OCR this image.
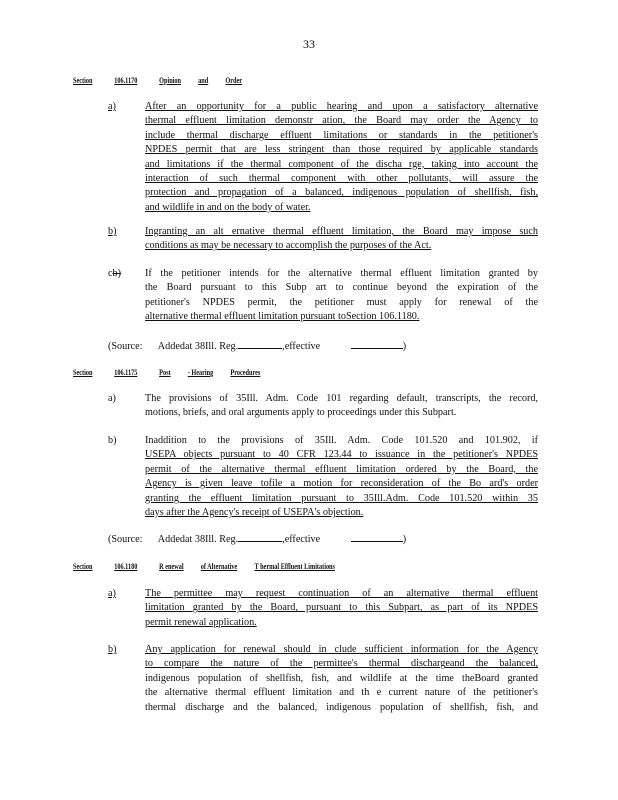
33
Section	106.1170	Opinion and Order
a)	After an opportunity for a public hearing and upon a satisfactory alternative
thermal effluent limitation demonstr ation, the Board may order the Agency to
include thermal discharge effluent limitations or standards in the petitioner's
NPDES permit that are less stringent than those required by applicable standards
and limitations if the thermal component of the discha rge, taking into account the
interaction of such thermal component with other pollutants, will assure the
protection and propagation of a balanced, indigenous population of shellfish, fish,
and wildlife in and on the body of water.
b)	Ingranting an alt ernative thermal effluent limitation, the Board may impose such
conditions as may be necessary to accomplish the purposes of the Act.
cb)	If the petitioner intends for the alternative thermal effluent limitation granted by
the Board pursuant to this Subp art to continue beyond the expiration of the
petitioner's NPDES permit, the petitioner must apply for renewal of the
alternative thermal effluent limitation pursuant toSection 106.1180.
(Source: Addedat 38Ill. Reg.	,effective	)
Section	106.1175	Post - Hearing Procedures
a)	The provisions of 35Ill. Adm. Code 101 regarding default, transcripts, the record,
motions, briefs, and oral arguments apply to proceedings under this Subpart.
b)	Inaddition to the provisions of 35Ill. Adm. Code 101.520 and 101.902, if
USEPA objects pursuant to 40 CFR 123.44 to issuance in the petitioner's NPDES
permit of the alternative thermal effluent limitation ordered by the Board, the
Agency is given leave tofile a motion for reconsideration of the Bo ard's order
granting the effluent limitation pursuant to 35Ill.Adm. Code 101.520 within 35
days after the Agency's receipt of USEPA's objection.
(Source: Addedat 38Ill. Reg.	,effective	)
Section	106.1180	R enewal of Alternative T hermal Effluent Limitations
a)	The permittee may request continuation of an alternative thermal effluent
limitation granted by the Board, pursuant to this Subpart, as part of its NPDES
permit renewal application.
b)	Any application for renewal should in clude sufficient information for the Agency
to compare the nature of the permittee's thermal dischargeand the balanced,
indigenous population of shellfish, fish, and wildlife at the time theBoard granted
the alternative thermal effluent limitation and th e current nature of the petitioner's
thermal discharge and the balanced, indigenous population of shellfish, fish, and
